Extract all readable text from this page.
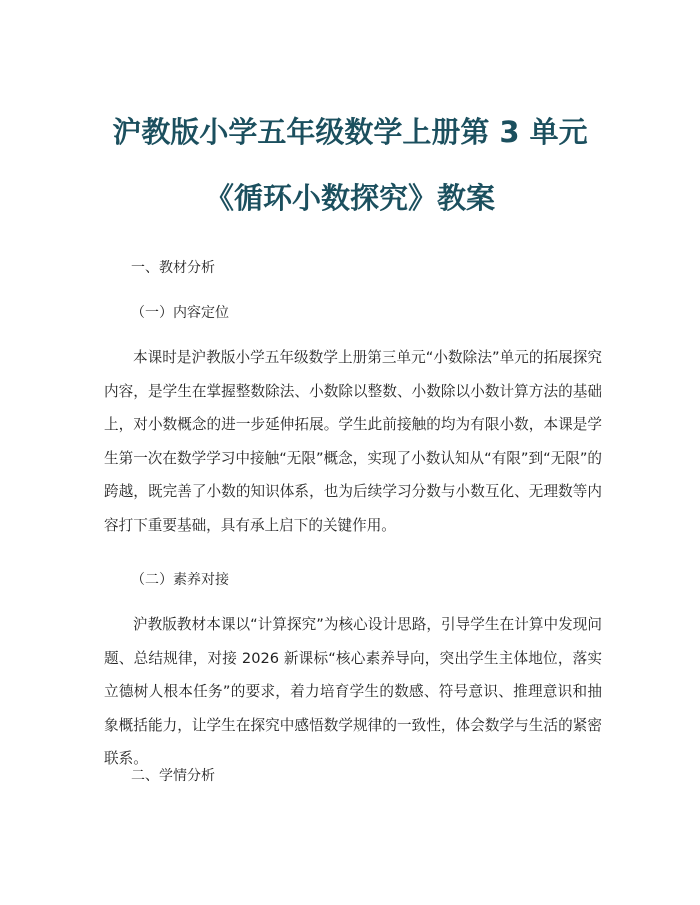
沪教版小学五年级数学上册第 3 单元
《循环小数探究》教案
一、教材分析
（一）内容定位
本课时是沪教版小学五年级数学上册第三单元“小数除法”单元的拓展探究内容，是学生在掌握整数除法、小数除以整数、小数除以小数计算方法的基础上，对小数概念的进一步延伸拓展。学生此前接触的均为有限小数，本课是学生第一次在数学学习中接触“无限”概念，实现了小数认知从“有限”到“无限”的跨越，既完善了小数的知识体系，也为后续学习分数与小数互化、无理数等内容打下重要基础，具有承上启下的关键作用。
（二）素养对接
沪教版教材本课以“计算探究”为核心设计思路，引导学生在计算中发现问题、总结规律，对接 2026 新课标“核心素养导向，突出学生主体地位，落实立德树人根本任务”的要求，着力培育学生的数感、符号意识、推理意识和抽象概括能力，让学生在探究中感悟数学规律的一致性，体会数学与生活的紧密联系。
二、学情分析
